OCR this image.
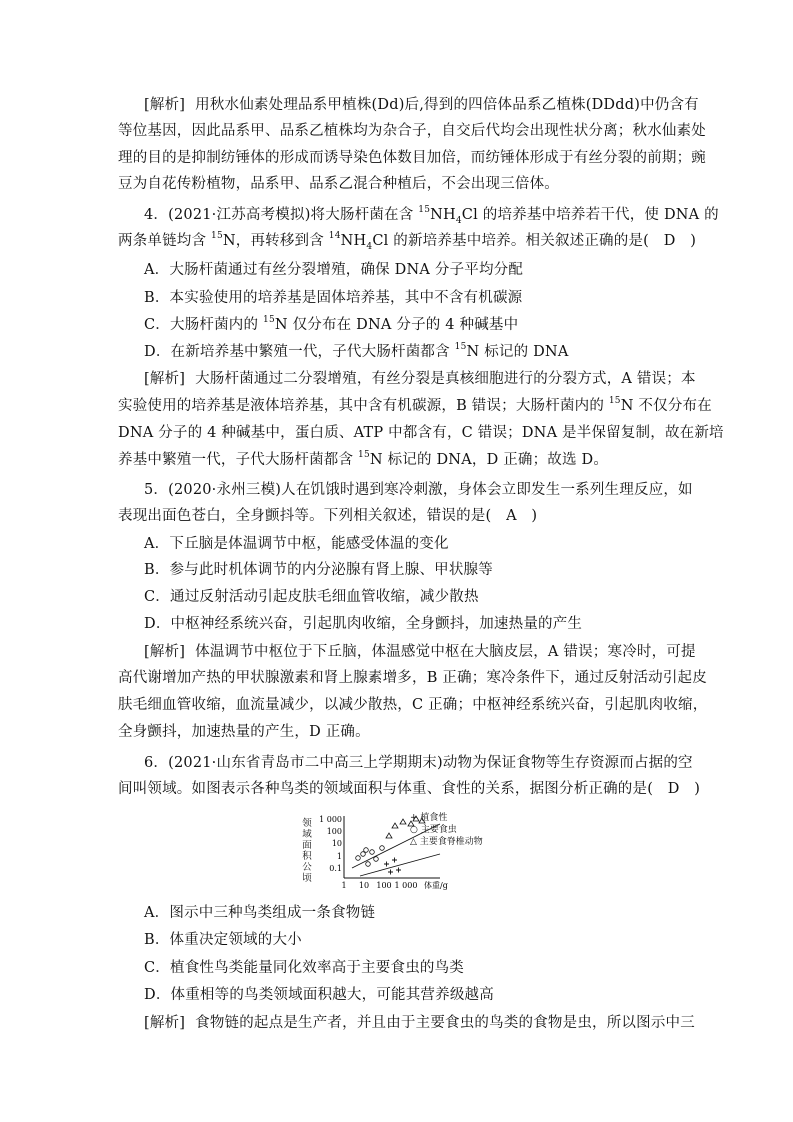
[解析] 用秋水仙素处理品系甲植株(Dd)后,得到的四倍体品系乙植株(DDdd)中仍含有
等位基因，因此品系甲、品系乙植株均为杂合子，自交后代均会出现性状分离；秋水仙素处
理的目的是抑制纺锤体的形成而诱导染色体数目加倍，而纺锤体形成于有丝分裂的前期；豌
豆为自花传粉植物，品系甲、品系乙混合种植后，不会出现三倍体。
4．(2021·江苏高考模拟)将大肠杆菌在含 $^{15}NH_4Cl$ 的培养基中培养若干代，使 DNA 的
两条单链均含 $^{15}$N，再转移到含 $^{14}NH_4Cl$ 的新培养基中培养。相关叙述正确的是(　D　)
A．大肠杆菌通过有丝分裂增殖，确保 DNA 分子平均分配
B．本实验使用的培养基是固体培养基，其中不含有机碳源
C．大肠杆菌内的 $^{15}$N 仅分布在 DNA 分子的 4 种碱基中
D．在新培养基中繁殖一代，子代大肠杆菌都含 $^{15}$N 标记的 DNA
[解析] 大肠杆菌通过二分裂增殖，有丝分裂是真核细胞进行的分裂方式，A 错误；本
实验使用的培养基是液体培养基，其中含有机碳源，B 错误；大肠杆菌内的 $^{15}$N 不仅分布在
DNA 分子的 4 种碱基中，蛋白质、ATP 中都含有，C 错误；DNA 是半保留复制，故在新培
养基中繁殖一代，子代大肠杆菌都含 $^{15}$N 标记的 DNA，D 正确；故选 D。
5．(2020·永州三模)人在饥饿时遇到寒冷刺激，身体会立即发生一系列生理反应，如
表现出面色苍白，全身颤抖等。下列相关叙述，错误的是(　A　)
A．下丘脑是体温调节中枢，能感受体温的变化
B．参与此时机体调节的内分泌腺有肾上腺、甲状腺等
C．通过反射活动引起皮肤毛细血管收缩，减少散热
D．中枢神经系统兴奋，引起肌肉收缩，全身颤抖，加速热量的产生
[解析] 体温调节中枢位于下丘脑，体温感觉中枢在大脑皮层，A 错误；寒冷时，可提
高代谢增加产热的甲状腺激素和肾上腺素增多，B 正确；寒冷条件下，通过反射活动引起皮
肤毛细血管收缩，血流量减少，以减少散热，C 正确；中枢神经系统兴奋，引起肌肉收缩，
全身颤抖，加速热量的产生，D 正确。
6．(2021·山东省青岛市二中高三上学期期末)动物为保证食物等生存资源而占据的空
间叫领域。如图表示各种鸟类的领域面积与体重、食性的关系，据图分析正确的是(　D　)
领域面积公顷
1 000
100
10
1
0.1
1 10 100 1 000 体重/g
+ 植食性
○ 主要食虫
△ 主要食脊椎动物
A．图示中三种鸟类组成一条食物链
B．体重决定领域的大小
C．植食性鸟类能量同化效率高于主要食虫的鸟类
D．体重相等的鸟类领域面积越大，可能其营养级越高
[解析] 食物链的起点是生产者，并且由于主要食虫的鸟类的食物是虫，所以图示中三
